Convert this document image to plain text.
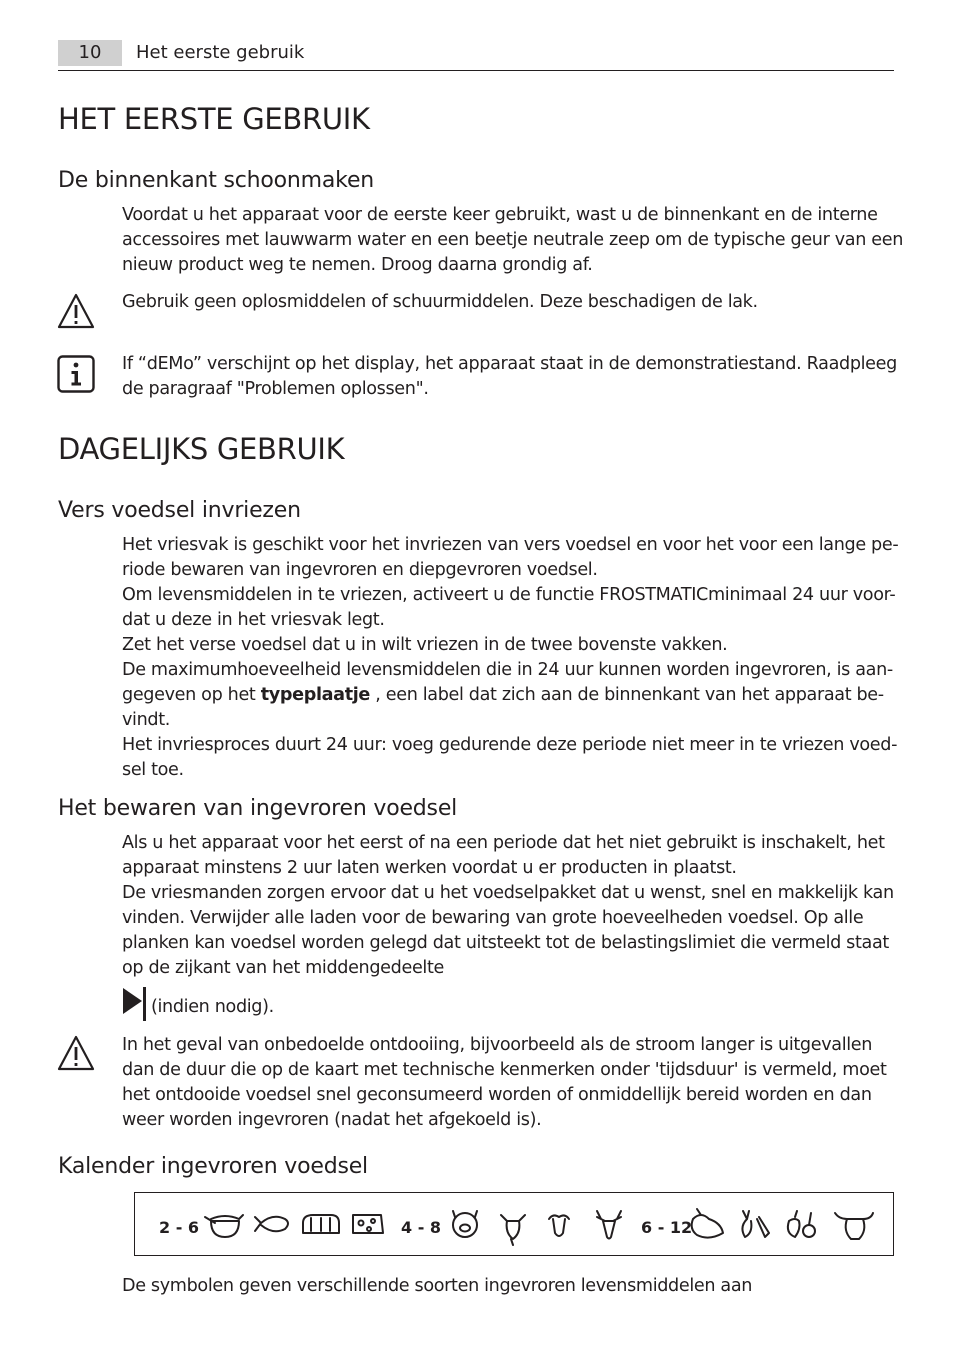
10	Het eerste gebruik
HET EERSTE GEBRUIK
De binnenkant schoonmaken

Voordat u het apparaat voor de eerste keer gebruikt, wast u de binnenkant en de interne
accessoires met lauwwarm water en een beetje neutrale zeep om de typische geur van een
nieuw product weg te nemen. Droog daarna grondig af.

Gebruik geen oplosmiddelen of schuurmiddelen. Deze beschadigen de lak.

If “dEMo” verschijnt op het display, het apparaat staat in de demonstratiestand. Raadpleeg
de paragraaf "Problemen oplossen".

DAGELIJKS GEBRUIK
Vers voedsel invriezen

Het vriesvak is geschikt voor het invriezen van vers voedsel en voor het voor een lange pe-
riode bewaren van ingevroren en diepgevroren voedsel.
Om levensmiddelen in te vriezen, activeert u de functie FROSTMATICminimaal 24 uur voor-
dat u deze in het vriesvak legt.
Zet het verse voedsel dat u in wilt vriezen in de twee bovenste vakken.
De maximumhoeveelheid levensmiddelen die in 24 uur kunnen worden ingevroren, is aan-
gegeven op het typeplaatje , een label dat zich aan de binnenkant van het apparaat be-
vindt.
Het invriesproces duurt 24 uur: voeg gedurende deze periode niet meer in te vriezen voed-
sel toe.

Het bewaren van ingevroren voedsel

Als u het apparaat voor het eerst of na een periode dat het niet gebruikt is inschakelt, het
apparaat minstens 2 uur laten werken voordat u er producten in plaatst.
De vriesmanden zorgen ervoor dat u het voedselpakket dat u wenst, snel en makkelijk kan
vinden. Verwijder alle laden voor de bewaring van grote hoeveelheden voedsel. Op alle
planken kan voedsel worden gelegd dat uitsteekt tot de belastingslimiet die vermeld staat
op de zijkant van het middengedeelte

(indien nodig).

In het geval van onbedoelde ontdooiing, bijvoorbeeld als de stroom langer is uitgevallen
dan de duur die op de kaart met technische kenmerken onder 'tijdsduur' is vermeld, moet
het ontdooide voedsel snel geconsumeerd worden of onmiddellijk bereid worden en dan
weer worden ingevroren (nadat het afgekoeld is).

Kalender ingevroren voedsel
2 - 6	4 - 8	6 - 12

De symbolen geven verschillende soorten ingevroren levensmiddelen aan
